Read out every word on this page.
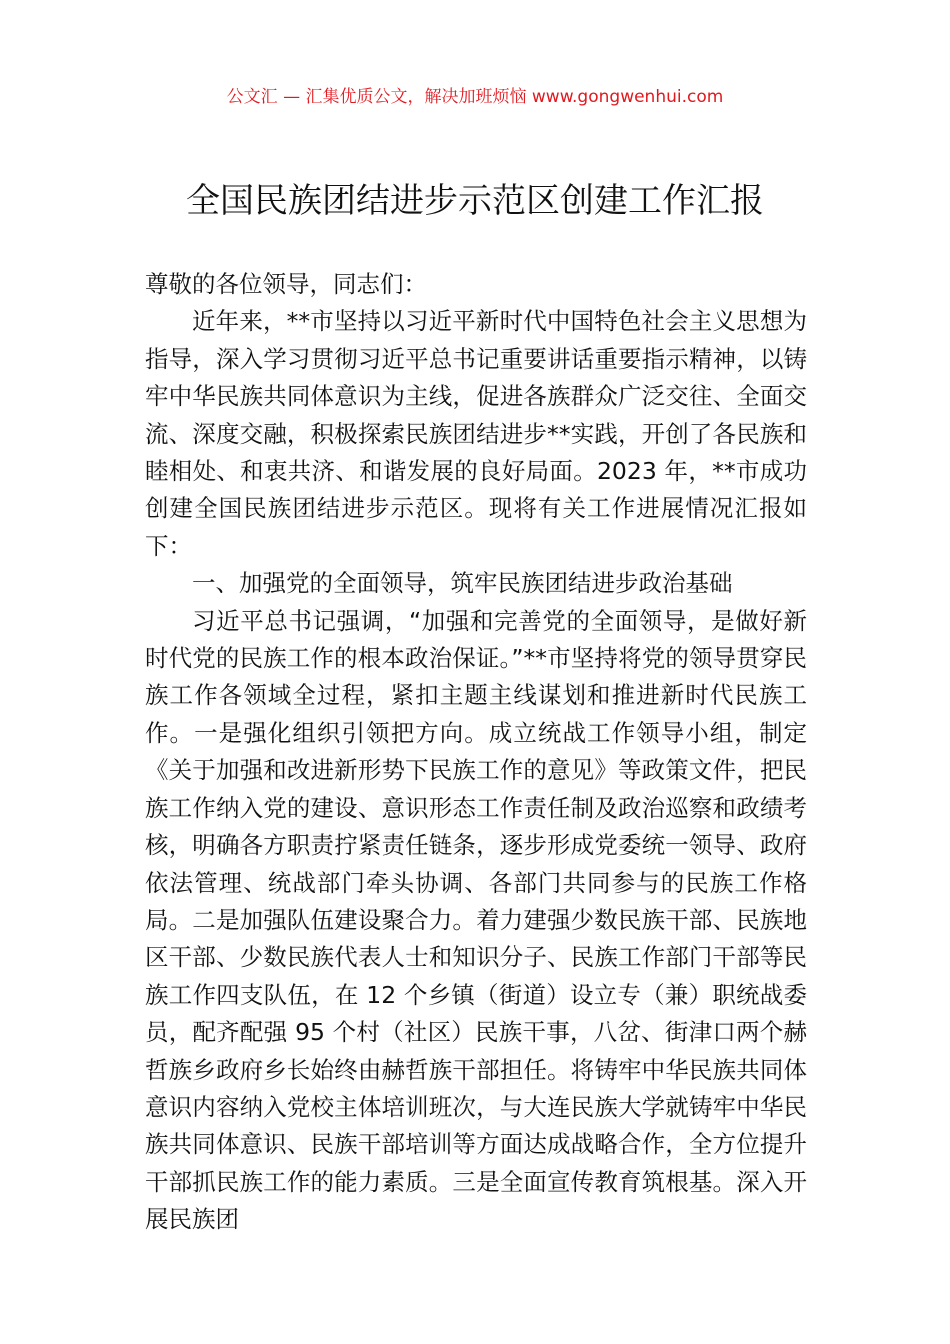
公文汇 — 汇集优质公文，解决加班烦恼 www.gongwenhui.com
全国民族团结进步示范区创建工作汇报

尊敬的各位领导，同志们：

近年来，**市坚持以习近平新时代中国特色社会主义思想为指导，深入学习贯彻习近平总书记重要讲话重要指示精神，以铸牢中华民族共同体意识为主线，促进各族群众广泛交往、全面交流、深度交融，积极探索民族团结进步**实践，开创了各民族和睦相处、和衷共济、和谐发展的良好局面。2023 年，**市成功创建全国民族团结进步示范区。现将有关工作进展情况汇报如下：

一、加强党的全面领导，筑牢民族团结进步政治基础

习近平总书记强调，“加强和完善党的全面领导，是做好新时代党的民族工作的根本政治保证。”**市坚持将党的领导贯穿民族工作各领域全过程，紧扣主题主线谋划和推进新时代民族工作。一是强化组织引领把方向。成立统战工作领导小组，制定《关于加强和改进新形势下民族工作的意见》等政策文件，把民族工作纳入党的建设、意识形态工作责任制及政治巡察和政绩考核，明确各方职责拧紧责任链条，逐步形成党委统一领导、政府依法管理、统战部门牵头协调、各部门共同参与的民族工作格局。二是加强队伍建设聚合力。着力建强少数民族干部、民族地区干部、少数民族代表人士和知识分子、民族工作部门干部等民族工作四支队伍，在 12 个乡镇（街道）设立专（兼）职统战委员，配齐配强 95 个村（社区）民族干事，八岔、街津口两个赫哲族乡政府乡长始终由赫哲族干部担任。将铸牢中华民族共同体意识内容纳入党校主体培训班次，与大连民族大学就铸牢中华民族共同体意识、民族干部培训等方面达成战略合作，全方位提升干部抓民族工作的能力素质。三是全面宣传教育筑根基。深入开展民族团
